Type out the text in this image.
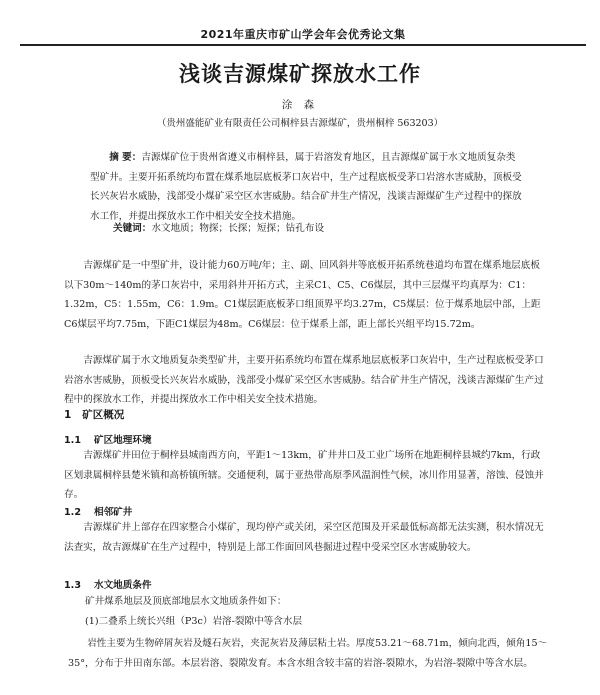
2021年重庆市矿山学会年会优秀论文集
浅谈吉源煤矿探放水工作
涂 森
（贵州盛能矿业有限责任公司桐梓县吉源煤矿，贵州桐梓 563203）

摘 要：吉源煤矿位于贵州省遵义市桐梓县，属于岩溶发育地区，且吉源煤矿属于水文地质复杂类型矿井。主要开拓系统均布置在煤系地层底板茅口灰岩中，生产过程底板受茅口岩溶水害威胁，顶板受长兴灰岩水威胁，浅部受小煤矿采空区水害威胁。结合矿井生产情况，浅谈吉源煤矿生产过程中的探放水工作，并提出探放水工作中相关安全技术措施。

关键词：水文地质；物探；长探；短探；钻孔布设

吉源煤矿是一中型矿井，设计能力60万吨/年；主、副、回风斜井等底板开拓系统巷道均布置在煤系地层底板以下30m～140m的茅口灰岩中，采用斜井开拓方式，主采C1、C5、C6煤层，其中三层煤平均真厚为：C1：1.32m，C5：1.55m，C6：1.9m。C1煤层距底板茅口组顶界平均3.27m，C5煤层：位于煤系地层中部，上距C6煤层平均7.75m，下距C1煤层为48m。C6煤层：位于煤系上部，距上部长兴组平均15.72m。

吉源煤矿属于水文地质复杂类型矿井，主要开拓系统均布置在煤系地层底板茅口灰岩中，生产过程底板受茅口岩溶水害威胁，顶板受长兴灰岩水威胁，浅部受小煤矿采空区水害威胁。结合矿井生产情况，浅谈吉源煤矿生产过程中的探放水工作，并提出探放水工作中相关安全技术措施。

1 矿区概况
1.1 矿区地理环境

吉源煤矿井田位于桐梓县城南西方向，平距1～13km，矿井井口及工业广场所在地距桐梓县城约7km，行政区划隶属桐梓县楚米镇和高桥镇所辖。交通便利，属于亚热带高原季风温润性气候，冰川作用显著，溶蚀、侵蚀并存。

1.2 相邻矿井

吉源煤矿井上部存在四家整合小煤矿，现均停产或关闭，采空区范围及开采最低标高都无法实测，积水情况无法查实，故吉源煤矿在生产过程中，特别是上部工作面回风巷掘进过程中受采空区水害威胁较大。

1.3 水文地质条件

矿井煤系地层及顶底部地层水文地质条件如下：

(1)二叠系上统长兴组（P3c）岩溶-裂隙中等含水层

岩性主要为生物碎屑灰岩及燧石灰岩，夹泥灰岩及薄层粘土岩。厚度53.21～68.71m，倾向北西，倾角15～35°，分布于井田南东部。本层岩溶、裂隙发育。本含水组含较丰富的岩溶-裂隙水，为岩溶-裂隙中等含水层。
